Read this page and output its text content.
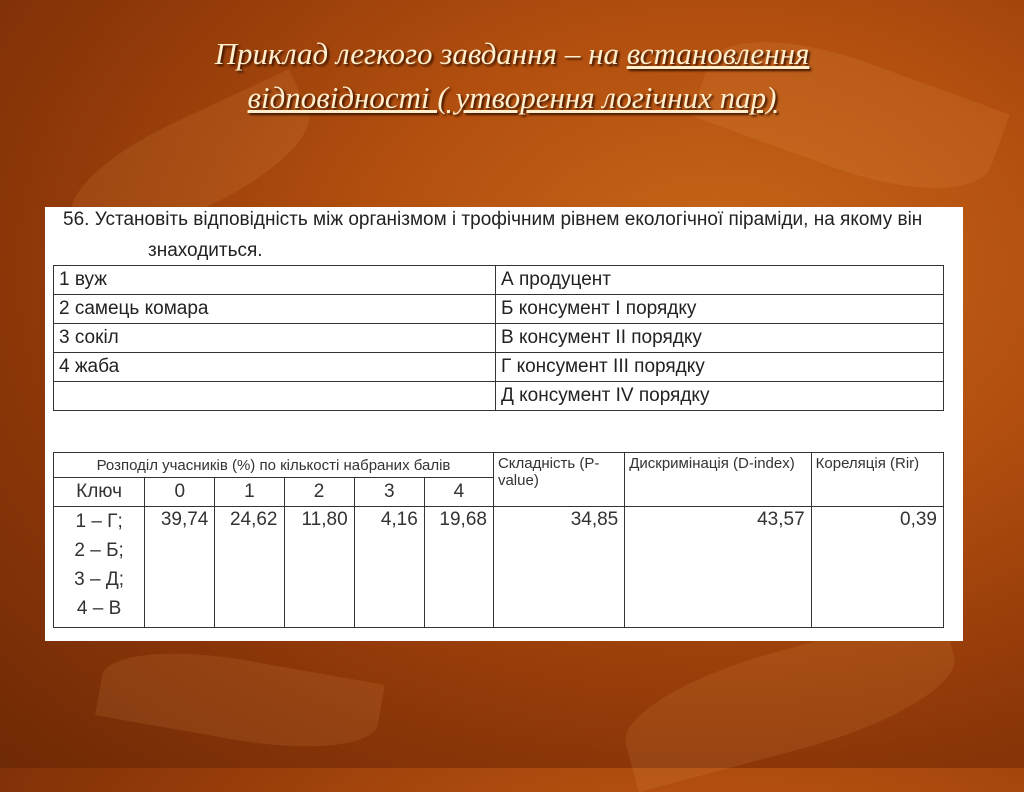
Приклад легкого завдання – на встановлення
відповідності ( утворення логічних пар)
56. Установіть відповідність між організмом і трофічним рівнем екологічної піраміди, на якому він
знаходиться.
1 вуж	А продуцент
2 самець комара	Б консумент І порядку
3 сокіл	В консумент ІІ порядку
4 жаба	Г консумент ІІІ порядку
	Д консумент ІV порядку
Розподіл учасників (%) по кількості набраних балів						Складність (P-value)	Дискримінація (D-index)	Кореляція (Rir)
Ключ	0	1	2	3	4			

1 – Г;
2 – Б;
3 – Д;
4 – В	39,74	24,62	11,80	4,16	19,68	34,85	43,57	0,39
